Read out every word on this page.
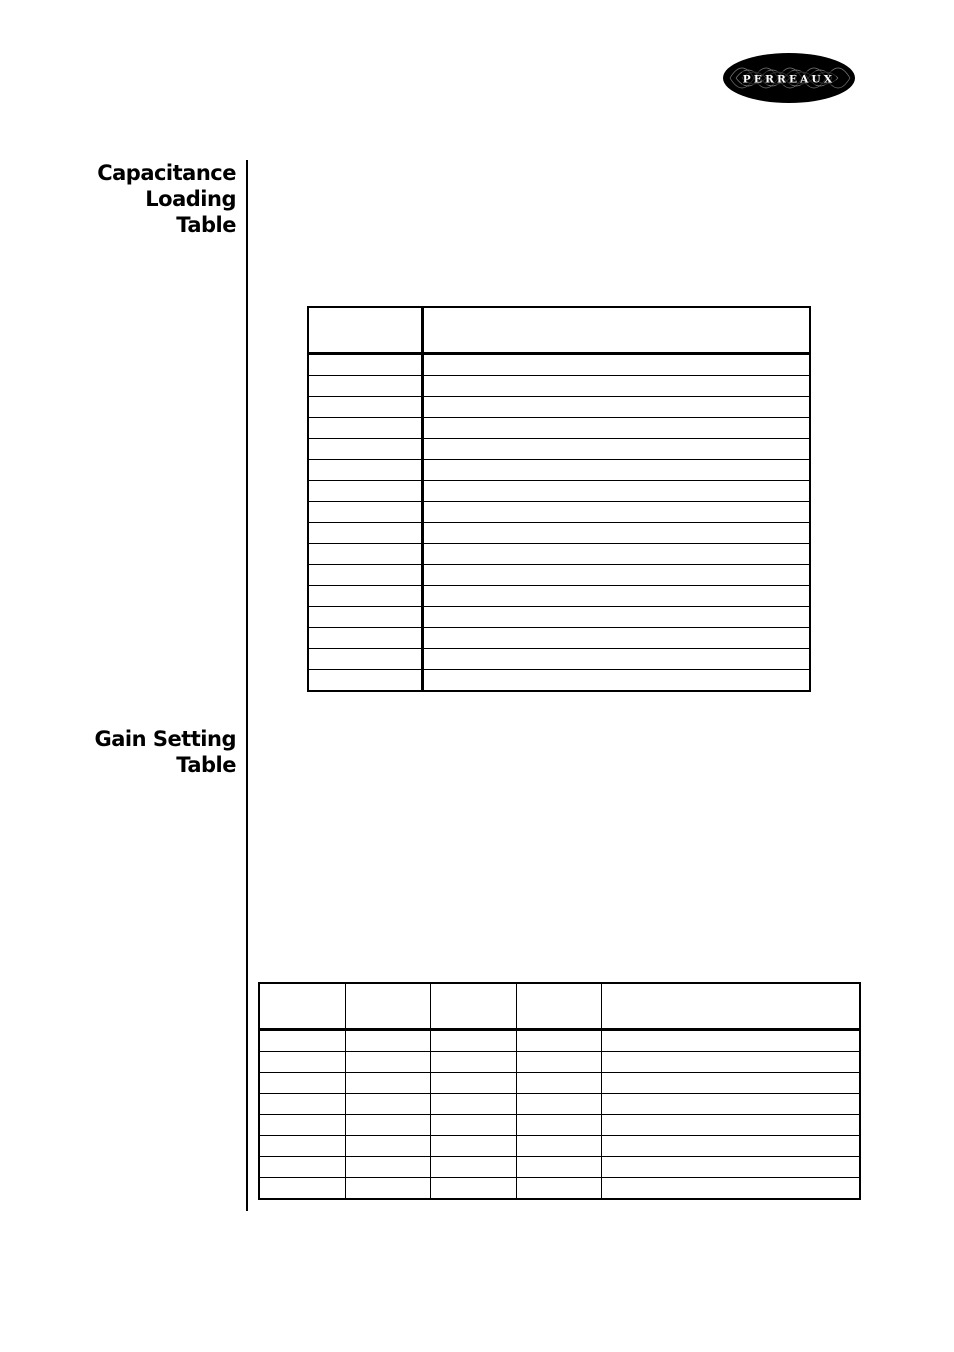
PERREAUX
Capacitance
Loading
Table
Gain Setting
Table
